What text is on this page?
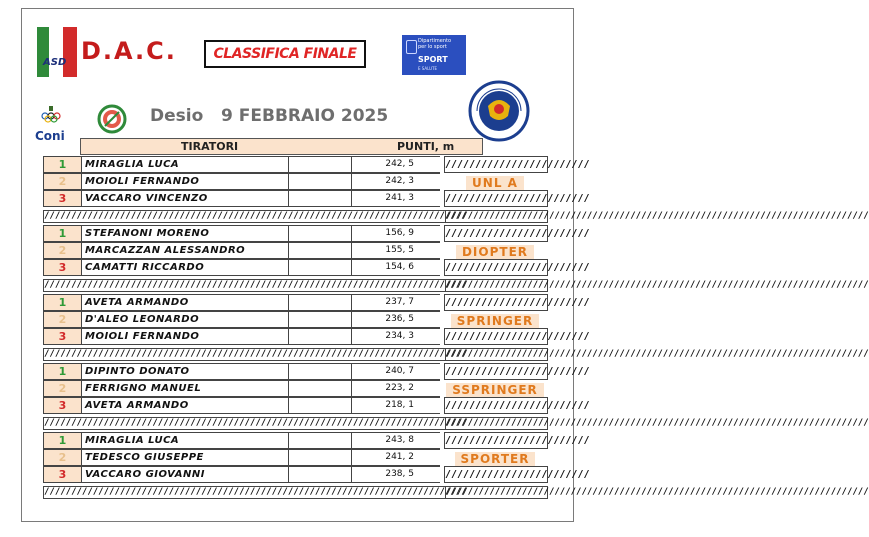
ASD D.A.C.	CLASSIFICA FINALE
Dipartimento
per lo sport
SPORT
E SALUTE
Coni
Desio 9 FEBBRAIO 2025
TIRATORI	PUNTI, m
1	MIRAGLIA LUCA	242, 5
2	MOIOLI FERNANDO	242, 3
3	VACCARO VINCENZO	241, 3
////////////////////////
UNL A
////////////////////////
//////////////////////////////////////////////////////////////////////////////
//////////////////////////////////////////////////////////////////////////////
1	STEFANONI MORENO	156, 9
2	MARCAZZAN ALESSANDRO	155, 5
3	CAMATTI RICCARDO	154, 6
////////////////////////
DIOPTER
////////////////////////
//////////////////////////////////////////////////////////////////////////////
//////////////////////////////////////////////////////////////////////////////
1	AVETA ARMANDO	237, 7
2	D'ALEO LEONARDO	236, 5
3	MOIOLI FERNANDO	234, 3
////////////////////////
SPRINGER
////////////////////////
//////////////////////////////////////////////////////////////////////////////
//////////////////////////////////////////////////////////////////////////////
1	DIPINTO DONATO	240, 7
2	FERRIGNO MANUEL	223, 2
3	AVETA ARMANDO	218, 1
////////////////////////
SSPRINGER
////////////////////////
//////////////////////////////////////////////////////////////////////////////
//////////////////////////////////////////////////////////////////////////////
1	MIRAGLIA LUCA	243, 8
2	TEDESCO GIUSEPPE	241, 2
3	VACCARO GIOVANNI	238, 5
////////////////////////
SPORTER
////////////////////////
//////////////////////////////////////////////////////////////////////////////
//////////////////////////////////////////////////////////////////////////////
